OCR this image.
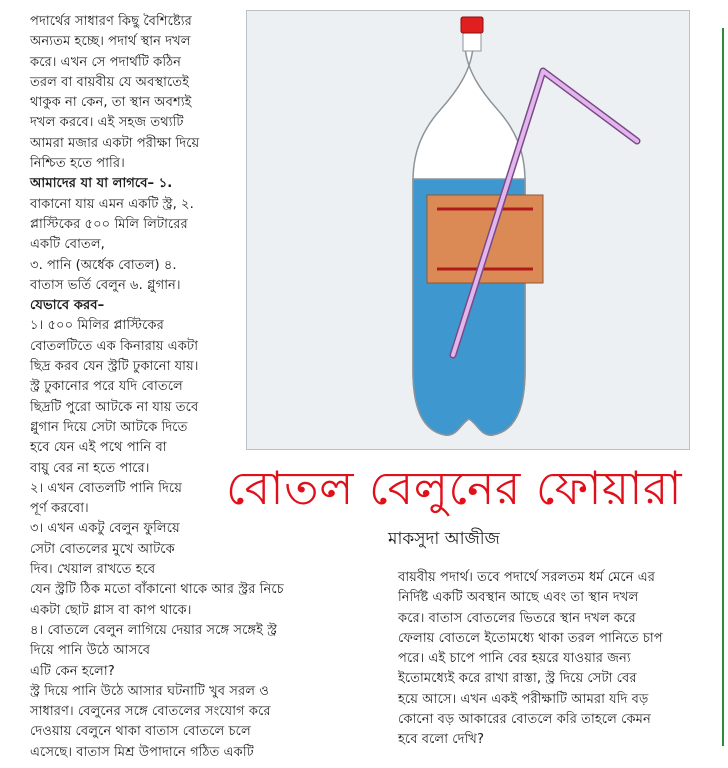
পদার্থের সাধারণ কিছু বৈশিষ্ট্যের
অন্যতম হচ্ছে। পদার্থ স্থান দখল
করে। এখন সে পদার্থটি কঠিন
তরল বা বায়বীয় যে অবস্থাতেই
থাকুক না কেন, তা স্থান অবশ্যই
দখল করবে। এই সহজ তথ্যটি
আমরা মজার একটা পরীক্ষা দিয়ে
নিশ্চিত হতে পারি।

আমাদের যা যা লাগবে– ১.

বাকানো যায় এমন একটি স্ট্র, ২.
প্লাস্টিকের ৫০০ মিলি লিটারের
একটি বোতল,
৩. পানি (অর্ধেক বোতল) ৪.
বাতাস ভর্তি বেলুন ৬. গ্লুগান।

যেভাবে করব–

১। ৫০০ মিলির প্লাস্টিকের
বোতলটিতে এক কিনারায় একটা
ছিদ্র করব যেন স্ট্রটি ঢুকানো যায়।
স্ট্র ঢুকানোর পরে যদি বোতলে
ছিদ্রটি পুরো আটকে না যায় তবে
গ্লুগান দিয়ে সেটা আটকে দিতে
হবে যেন এই পথে পানি বা
বায়ু বের না হতে পারে।
২। এখন বোতলটি পানি দিয়ে
পূর্ণ করবো।
৩। এখন একটু বেলুন ফুলিয়ে
সেটা বোতলের মুখে আটকে
দিব। খেয়াল রাখতে হবে

যেন স্ট্রটি ঠিক মতো বাঁকানো থাকে আর স্ট্রর নিচে
একটা ছোট গ্লাস বা কাপ থাকে।
৪। বোতলে বেলুন লাগিয়ে দেয়ার সঙ্গে সঙ্গেই স্ট্র
দিয়ে পানি উঠে আসবে
এটি কেন হলো?
স্ট্র দিয়ে পানি উঠে আসার ঘটনাটি খুব সরল ও
সাধারণ। বেলুনের সঙ্গে বোতলের সংযোগ করে
দেওয়ায় বেলুনে থাকা বাতাস বোতলে চলে
এসেছে। বাতাস মিশ্র উপাদানে গঠিত একটি

বোতল বেলুনের ফোয়ারা
মাকসুদা আজীজ

বায়বীয় পদার্থ। তবে পদার্থে সরলতম ধর্ম মেনে এর
নির্দিষ্ট একটি অবস্থান আছে এবং তা স্থান দখল
করে। বাতাস বোতলের ভিতরে স্থান দখল করে
ফেলায় বোতলে ইতোমধ্যে থাকা তরল পানিতে চাপ
পরে। এই চাপে পানি বের হয়রে যাওয়ার জন্য
ইতোমধ্যেই করে রাখা রাস্তা, স্ট্র দিয়ে সেটা বের
হয়ে আসে। এখন একই পরীক্ষাটি আমরা যদি বড়
কোনো বড় আকারের বোতলে করি তাহলে কেমন
হবে বলো দেখি?
